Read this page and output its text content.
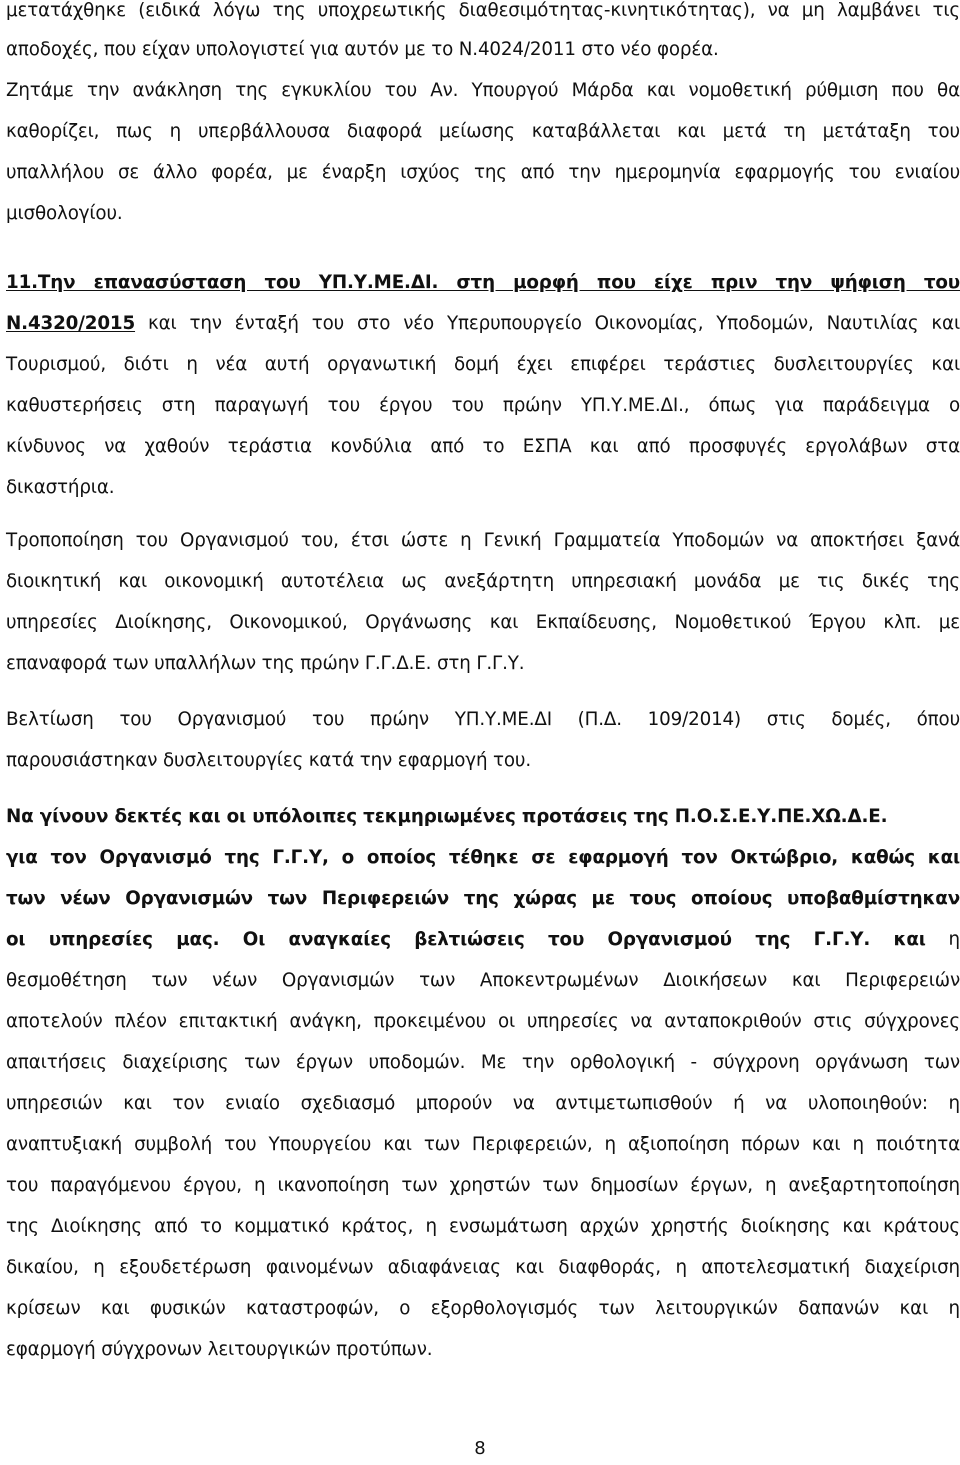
μετατάχθηκε (ειδικά λόγω της υποχρεωτικής διαθεσιμότητας-κινητικότητας), να μη λαμβάνει τις
αποδοχές, που είχαν υπολογιστεί για αυτόν με το Ν.4024/2011 στο νέο φορέα.
Ζητάμε την ανάκληση της εγκυκλίου του Αν. Υπουργού Μάρδα και νομοθετική ρύθμιση που θα
καθορίζει, πως η υπερβάλλουσα διαφορά μείωσης καταβάλλεται και μετά τη μετάταξη του
υπαλλήλου σε άλλο φορέα, με έναρξη ισχύος της από την ημερομηνία εφαρμογής του ενιαίου
μισθολογίου.
11.Την επανασύσταση του ΥΠ.Υ.ΜΕ.ΔΙ. στη μορφή που είχε πριν την ψήφιση του
Ν.4320/2015 και την ένταξή του στο νέο Υπερυπουργείο Οικονομίας, Υποδομών, Ναυτιλίας και
Τουρισμού, διότι η νέα αυτή οργανωτική δομή έχει επιφέρει τεράστιες δυσλειτουργίες και
καθυστερήσεις στη παραγωγή του έργου του πρώην ΥΠ.Υ.ΜΕ.ΔΙ., όπως για παράδειγμα ο
κίνδυνος να χαθούν τεράστια κονδύλια από το ΕΣΠΑ και από προσφυγές εργολάβων στα
δικαστήρια.
Τροποποίηση του Οργανισμού του, έτσι ώστε η Γενική Γραμματεία Υποδομών να αποκτήσει ξανά
διοικητική και οικονομική αυτοτέλεια ως ανεξάρτητη υπηρεσιακή μονάδα με τις δικές της
υπηρεσίες Διοίκησης, Οικονομικού, Οργάνωσης και Εκπαίδευσης, Νομοθετικού Έργου κλπ. με
επαναφορά των υπαλλήλων της πρώην Γ.Γ.Δ.Ε. στη Γ.Γ.Υ.
Βελτίωση του Οργανισμού του πρώην ΥΠ.Υ.ΜΕ.ΔΙ (Π.Δ. 109/2014) στις δομές, όπου
παρουσιάστηκαν δυσλειτουργίες κατά την εφαρμογή του.
Να γίνουν δεκτές και οι υπόλοιπες τεκμηριωμένες προτάσεις της Π.Ο.Σ.Ε.Υ.ΠΕ.ΧΩ.Δ.Ε.
για τον Οργανισμό της Γ.Γ.Υ, ο οποίος τέθηκε σε εφαρμογή τον Οκτώβριο, καθώς και
των νέων Οργανισμών των Περιφερειών της χώρας με τους οποίους υποβαθμίστηκαν
οι υπηρεσίες μας. Οι αναγκαίες βελτιώσεις του Οργανισμού της Γ.Γ.Υ. και η
θεσμοθέτηση των νέων Οργανισμών των Αποκεντρωμένων Διοικήσεων και Περιφερειών
αποτελούν πλέον επιτακτική ανάγκη, προκειμένου οι υπηρεσίες να ανταποκριθούν στις σύγχρονες
απαιτήσεις διαχείρισης των έργων υποδομών. Με την ορθολογική - σύγχρονη οργάνωση των
υπηρεσιών και τον ενιαίο σχεδιασμό μπορούν να αντιμετωπισθούν ή να υλοποιηθούν: η
αναπτυξιακή συμβολή του Υπουργείου και των Περιφερειών, η αξιοποίηση πόρων και η ποιότητα
του παραγόμενου έργου, η ικανοποίηση των χρηστών των δημοσίων έργων, η ανεξαρτητοποίηση
της Διοίκησης από το κομματικό κράτος, η ενσωμάτωση αρχών χρηστής διοίκησης και κράτους
δικαίου, η εξουδετέρωση φαινομένων αδιαφάνειας και διαφθοράς, η αποτελεσματική διαχείριση
κρίσεων και φυσικών καταστροφών, ο εξορθολογισμός των λειτουργικών δαπανών και η
εφαρμογή σύγχρονων λειτουργικών προτύπων.
8
